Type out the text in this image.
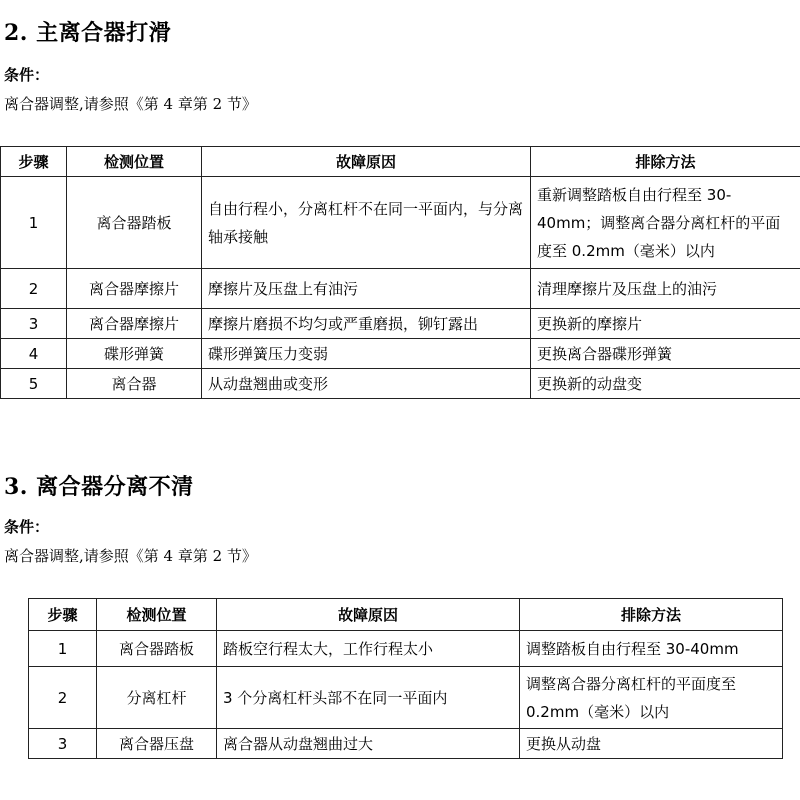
2. 主离合器打滑
条件：
离合器调整,请参照《第 4 章第 2 节》
步骤	检测位置	故障原因	排除方法
1	离合器踏板	自由行程小，分离杠杆不在同一平面内，与分离轴承接触	重新调整踏板自由行程至 30-40mm；调整离合器分离杠杆的平面度至 0.2mm（毫米）以内
2	离合器摩擦片	摩擦片及压盘上有油污	清理摩擦片及压盘上的油污
3	离合器摩擦片	摩擦片磨损不均匀或严重磨损，铆钉露出	更换新的摩擦片
4	碟形弹簧	碟形弹簧压力变弱	更换离合器碟形弹簧
5	离合器	从动盘翘曲或变形	更换新的动盘变
3. 离合器分离不清
条件：
离合器调整,请参照《第 4 章第 2 节》
步骤	检测位置	故障原因	排除方法
1	离合器踏板	踏板空行程太大，工作行程太小	调整踏板自由行程至 30-40mm
2	分离杠杆	3 个分离杠杆头部不在同一平面内	调整离合器分离杠杆的平面度至 0.2mm（毫米）以内
3	离合器压盘	离合器从动盘翘曲过大	更换从动盘
